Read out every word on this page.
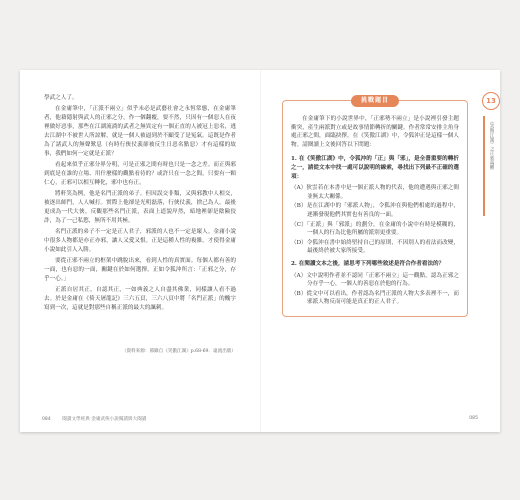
學武之人了。

在金庸筆中，「正派不兩立」似乎未必是武藝社會之永恆常態，在金庸筆者，他藉隱射與武人的正邪之分，作一個翻覆，要不然，只因有一個惡人在夜裡做好惡事，那些在江湖流淌的武者之無異定有一個正直的人被冠上惡名，逃去江湖中不被世人所諒解，就是一個人被逼到於不顧受了是冤氣。這既是作者為了諸武人的無聲歎息（有時行俠仗義卻被反生日惡名點惡）才有這樣的故事，我們如何一定就是正派？

看起來似乎正邪分界分明，可是正邪之間有時也只是一念之差。而正與邪到底是在誰的立場、用什麼樣的觀點看待的？或許只在一念之間，只要有一顆仁心，正邪可以相互轉化，邪中也有正。

將軒笑為例，他是名門正派的弟子。但因誤交非類，又與邪教中人相交，被逐出師門，人人喊打。實際上他卻是光明磊落，行俠仗義，捨己為人，最後更成為一代大俠。反觀那些名門正派，表面上道貌岸然，暗地裡卻是陰險狡詐，為了一己私慾，無所不用其極。

名門正派的弟子不一定是正人君子，邪派的人也不一定是壞人。金庸小說中很多人物都是亦正亦邪，讓人又愛又恨。正是這種人性的複雜，才使得金庸小說如此引人入勝。

要從正邪不兩立的框架中跳脫出來，看到人性的真實面。每個人都有善的一面，也有惡的一面，關鍵在於如何選擇。正如令狐沖所言：「正邪之分，存乎一心。」

正派自居其正，自認其正，一如典義之人自盡其佛業，同樣讓人看不過去。於是金庸在《倚天屠龍記》三六五頁，三六八頁中將「名門正派」的醜字寫到一次，這就是對那些自稱正派的最大的諷刺。

（資料來源：節錄自《笑傲江湖》p.68-69．遠流出版）
084 閱讀文學經典 金庸武俠小說閱讀與大閱讀
挑戰題目

在金庸筆下的小說世界中，「正邪勢不兩立」是小說裡引發主題衝突，產生兩派對立或是故事情節轉折的關鍵。作者常常安排主角身處正邪之間，面臨抉擇。在《笑傲江湖》中，令狐沖正是這樣一個人物。請閱讀上文後回答以下問題：

1. 在《笑傲江湖》中，令狐沖的「正」與「邪」，是全書重要的轉折之一，請從文本中找一處可以說明的線索，尋找出下列最不正確的選項：

（A）狄雲若在本書中是一個正派人物的代表，他的遭遇與正邪之間並無太大關係。

（B）是在江湖中的「邪派人物」，令狐沖在與他們相處的過程中，逐漸發現他們其實也有善良的一面。

（C）「正派」與「邪派」的劃分，在金庸的小說中有時是模糊的，一個人的行為比他所屬的派別更重要。

（D）令狐沖在書中始終堅持自己的原則，不因別人的看法而改變，最後終於被大家所接受。

2. 在閱讀文本之後，請思考下列哪些敘述是符合作者看法的？

（A）文中說明作者並不認同「正邪不兩立」這一觀點，認為正邪之分存乎一心，一個人的善惡在於他的行為。

（B）從文中可以看出，作者認為名門正派的人物大多表裡不一，而邪派人物反而可能是真正的正人君子。

085
13
《笑傲江湖》之正邪兩難
